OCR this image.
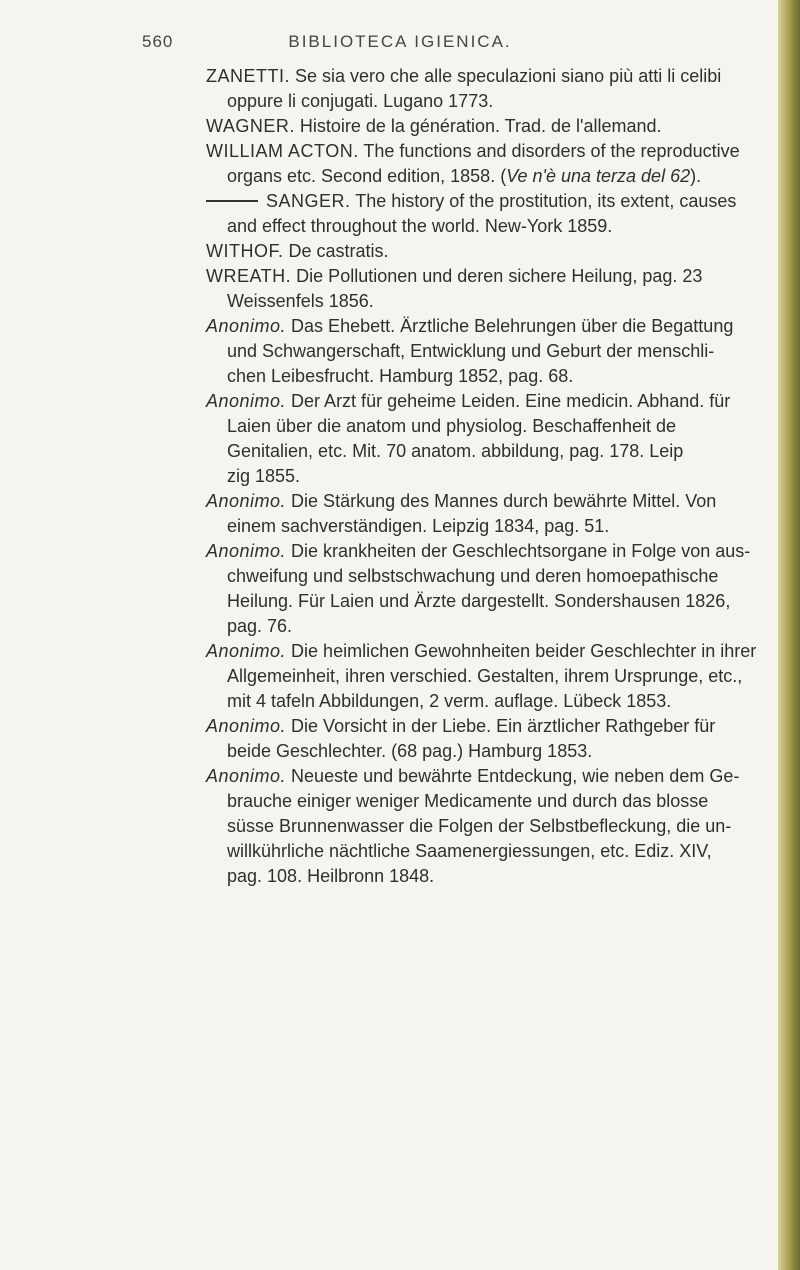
560	BIBLIOTECA IGIENICA.
ZANETTI. Se sia vero che alle speculazioni siano più atti li celibi
oppure li conjugati. Lugano 1773.
WAGNER. Histoire de la génération. Trad. de l'allemand.
WILLIAM ACTON. The functions and disorders of the reproductive
organs etc. Second edition, 1858. (Ve n'è una terza del 62).
SANGER. The history of the prostitution, its extent, causes
and effect throughout the world. New-York 1859.
WITHOF. De castratis.
WREATH. Die Pollutionen und deren sichere Heilung, pag. 23
Weissenfels 1856.
Anonimo. Das Ehebett. Ärztliche Belehrungen über die Begattung
und Schwangerschaft, Entwicklung und Geburt der menschli-
chen Leibesfrucht. Hamburg 1852, pag. 68.
Anonimo. Der Arzt für geheime Leiden. Eine medicin. Abhand. für
Laien über die anatom und physiolog. Beschaffenheit de
Genitalien, etc. Mit. 70 anatom. abbildung, pag. 178. Leip
zig 1855.
Anonimo. Die Stärkung des Mannes durch bewährte Mittel. Von
einem sachverständigen. Leipzig 1834, pag. 51.
Anonimo. Die krankheiten der Geschlechtsorgane in Folge von aus-
chweifung und selbstschwachung und deren homoepathische
Heilung. Für Laien und Ärzte dargestellt. Sondershausen 1826,
pag. 76.
Anonimo. Die heimlichen Gewohnheiten beider Geschlechter in ihrer
Allgemeinheit, ihren verschied. Gestalten, ihrem Ursprunge, etc.,
mit 4 tafeln Abbildungen, 2 verm. auflage. Lübeck 1853.
Anonimo. Die Vorsicht in der Liebe. Ein ärztlicher Rathgeber für
beide Geschlechter. (68 pag.) Hamburg 1853.
Anonimo. Neueste und bewährte Entdeckung, wie neben dem Ge-
brauche einiger weniger Medicamente und durch das blosse
süsse Brunnenwasser die Folgen der Selbstbefleckung, die un-
willkührliche nächtliche Saamenergiessungen, etc. Ediz. XIV,
pag. 108. Heilbronn 1848.
